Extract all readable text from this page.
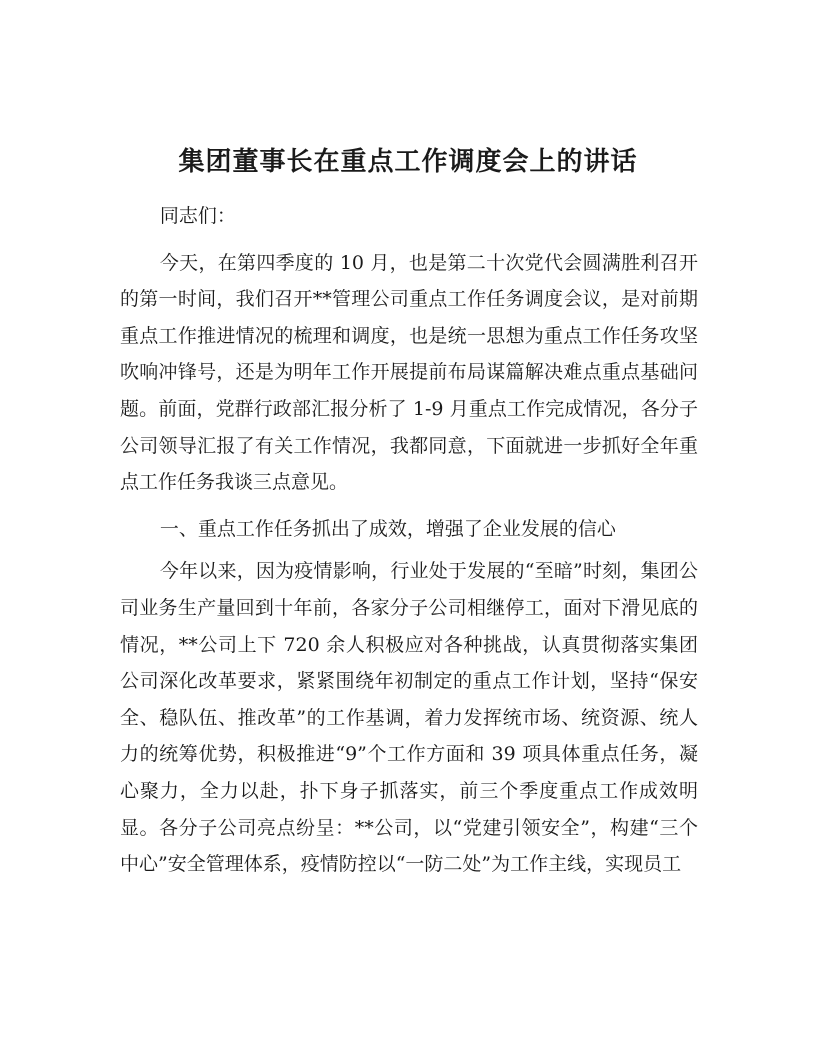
集团董事长在重点工作调度会上的讲话

同志们：

今天，在第四季度的 10 月，也是第二十次党代会圆满胜利召开的第一时间，我们召开**管理公司重点工作任务调度会议，是对前期重点工作推进情况的梳理和调度，也是统一思想为重点工作任务攻坚吹响冲锋号，还是为明年工作开展提前布局谋篇解决难点重点基础问题。前面，党群行政部汇报分析了 1-9 月重点工作完成情况，各分子公司领导汇报了有关工作情况，我都同意，下面就进一步抓好全年重点工作任务我谈三点意见。

一、重点工作任务抓出了成效，增强了企业发展的信心

今年以来，因为疫情影响，行业处于发展的“至暗”时刻，集团公司业务生产量回到十年前，各家分子公司相继停工，面对下滑见底的情况，**公司上下 720 余人积极应对各种挑战，认真贯彻落实集团公司深化改革要求，紧紧围绕年初制定的重点工作计划，坚持“保安全、稳队伍、推改革”的工作基调，着力发挥统市场、统资源、统人力的统筹优势，积极推进“9”个工作方面和 39 项具体重点任务，凝心聚力，全力以赴，扑下身子抓落实，前三个季度重点工作成效明显。各分子公司亮点纷呈：**公司，以“党建引领安全”，构建“三个中心”安全管理体系，疫情防控以“一防二处”为工作主线，实现员工
